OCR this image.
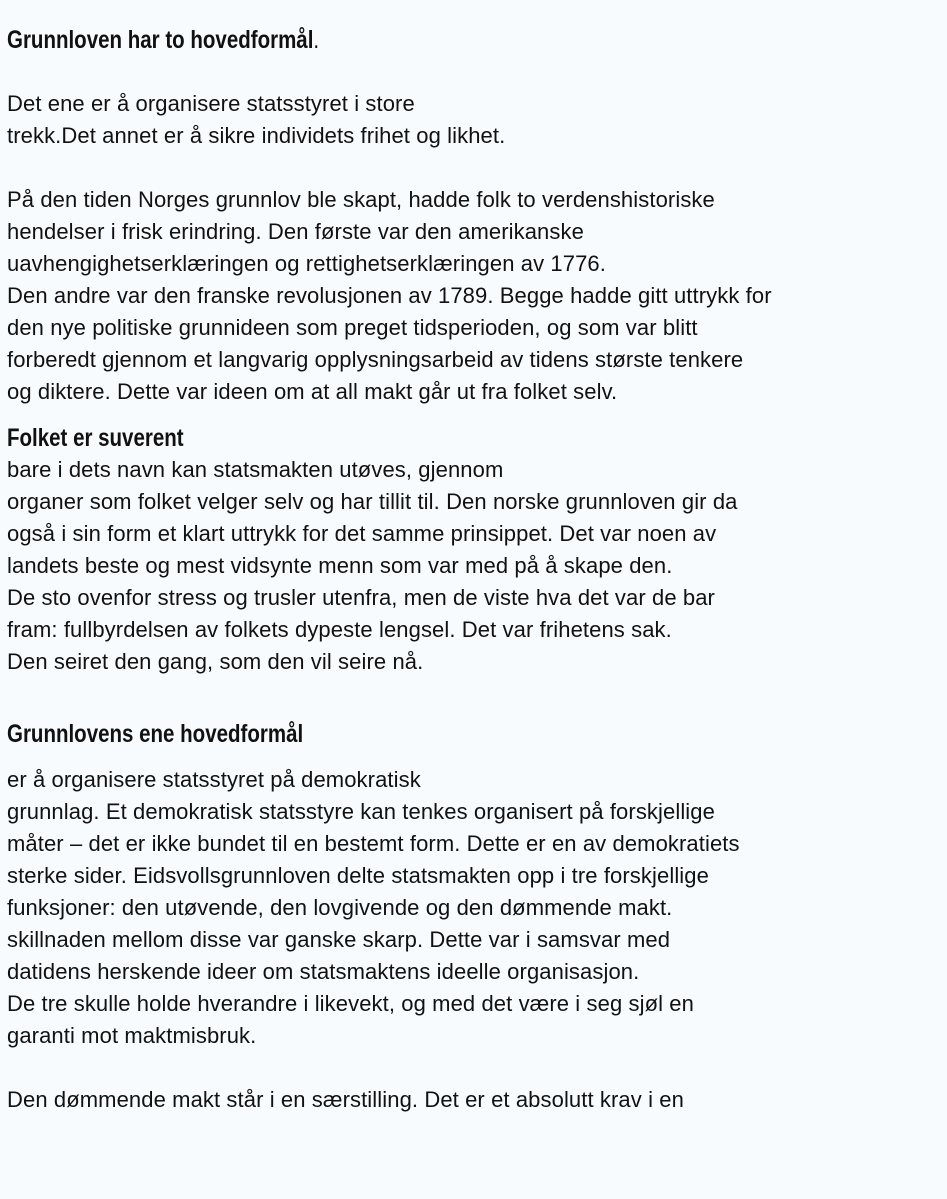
Grunnloven har to hovedformål.

Det ene er å organisere statsstyret i store
trekk.Det annet er å sikre individets frihet og likhet.

På den tiden Norges grunnlov ble skapt, hadde folk to verdenshistoriske
hendelser i frisk erindring. Den første var den amerikanske
uavhengighetserklæringen og rettighetserklæringen av 1776.
Den andre var den franske revolusjonen av 1789. Begge hadde gitt uttrykk for
den nye politiske grunnideen som preget tidsperioden, og som var blitt
forberedt gjennom et langvarig opplysningsarbeid av tidens største tenkere
og diktere. Dette var ideen om at all makt går ut fra folket selv.

Folket er suverent

bare i dets navn kan statsmakten utøves, gjennom
organer som folket velger selv og har tillit til. Den norske grunnloven gir da
også i sin form et klart uttrykk for det samme prinsippet. Det var noen av
landets beste og mest vidsynte menn som var med på å skape den.
De sto ovenfor stress og trusler utenfra, men de viste hva det var de bar
fram: fullbyrdelsen av folkets dypeste lengsel. Det var frihetens sak.
Den seiret den gang, som den vil seire nå.

Grunnlovens ene hovedformål

er å organisere statsstyret på demokratisk
grunnlag. Et demokratisk statsstyre kan tenkes organisert på forskjellige
måter – det er ikke bundet til en bestemt form. Dette er en av demokratiets
sterke sider. Eidsvollsgrunnloven delte statsmakten opp i tre forskjellige
funksjoner: den utøvende, den lovgivende og den dømmende makt.
skillnaden mellom disse var ganske skarp. Dette var i samsvar med
datidens herskende ideer om statsmaktens ideelle organisasjon.
De tre skulle holde hverandre i likevekt, og med det være i seg sjøl en
garanti mot maktmisbruk.

Den dømmende makt står i en særstilling. Det er et absolutt krav i en
